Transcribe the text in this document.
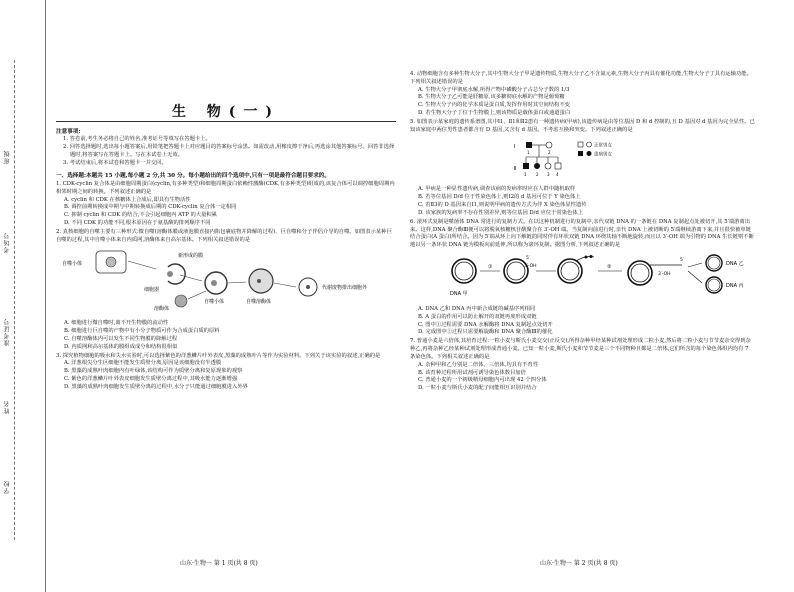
班级
考场号
准考证号
姓名
学校
生 物(一)
注意事项:
1. 答卷前,考生务必将自己的姓名,准考证号等填写在答题卡上。
2. 回答选择题时,选出每小题答案后,用铅笔把答题卡上对应题目的答案标号涂黑。如需改动,用橡皮擦干净后,再选涂其他答案标号。回答非选择题时,将答案写在答题卡上。写在本试卷上无效。
3. 考试结束后,将本试卷和答题卡一并交回。
一、选择题:本题共 15 小题,每小题 2 分,共 30 分。每小题给出的四个选项中,只有一项是最符合题目要求的。
1. CDK-cyclin 复合体是由细胞周期蛋白(cyclin,有多种类型)和细胞周期蛋白依赖性激酶(CDK,有多种类型)组成的,该复合体可以调控细胞周期内相邻时期之间的转换。下列叙述正确的是
A. cyclin 和 CDK 在核糖体上合成后,即具有生物活性
B. 调控前期转换成中期与中期转换成后期的 CDK-cyclin 复合体一定相同
C. 抑制 cyclin 和 CDK 的结合,不会引起细胞内 ATP 的大量积累
D. 不同 CDK 的功能不同,根本原因在于氨基酸的排列顺序不同
2. 真核细胞的自噬主要有三种形式:微自噬(溶酶体膜或液泡膜直接内陷包裹底物并降解的过程)、巨自噬和分子伴侣介导的自噬。如图表示某种巨自噬的过程,其中自噬小体来自内质网,溶酶体来自高尔基体。下列相关叙述错误的是
自噬小体
溶酶体
新形成的膜
细胞器
自噬小体	自噬溶酶体
代谢废物排出细胞外
A. 细胞进行微自噬时,离不开生物膜的流动性
B. 细胞进行巨自噬的产物中有小分子物质可作为合成蛋白质的原料
C. 自噬溶酶体内可以发生不同生物膜的降解过程
D. 内质网和高尔基体的膜组成成分和结构很相似
3. 探究植物细胞的吸水和失水实验时,可以选择紫色的洋葱鳞片叶外表皮,黑藻的成熟叶片等作为实验材料。下列关于该实验的叙述,正确的是
A. 洋葱根尖分生区细胞不能发生质壁分离,原因是该细胞没有半透膜
B. 黑藻的成熟叶肉细胞内有叶绿体,该结构可作为质壁分离和复原现象的观察
C. 紫色的洋葱鳞片叶外表皮细胞发生质壁分离过程中,其吸水能力逐渐增强
D. 黑藻的成熟叶肉细胞发生质壁分离的过程中,水分子只能通过细胞膜进入外界
4. 动物细胞含有多种生物大分子,其中生物大分子甲是遗传物质,生物大分子乙不含氮元素,生物大分子丙具有催化功能,生物大分子丁具有运输功能。下列相关叙述错误的是
A. 生物大分子甲彻底水解,所得产物中磷酸分子占总分子数的 1/3
B. 生物大分子乙可能是肝糖原,该多糖彻底水解的产物是葡萄糖
C. 生物大分子丙的化学本质是蛋白质,发挥作用时其空间结构不变
D. 若生物大分子丁位于生物膜上,则该物质是载体蛋白或通道蛋白
5. 如图表示某家庭的遗传系谱图,其中Ⅰ1、Ⅱ1和Ⅱ2患有一种遗传病(甲病),该遗传病是由等位基因 D 和 d 控制的,且 D 基因对 d 基因为完全显性。已知该家庭中两位男性患者都含有 D 基因,又含有 d 基因。不考虑互换和突变。下列叙述正确的是
Ⅰ
Ⅱ
1	2
1 2 3 4
正常男女
患病男女
A. 甲病是一种显性遗传病,调查该病的发病率时应在人群中随机取样
B. 若等位基因 D/d 位于性染色体上,则Ⅰ2的 d 基因可位于 Y 染色体上
C. 若Ⅱ3的 D 基因来自Ⅰ1,则说明甲病的遗传方式为伴 X 染色体显性遗传
D. 该家族的发病率不存在性别差异,则等位基因 D/d 应位于常染色体上
6. 滚环式复制是噬菌体 DNA 常进行的复制方式。在以这种机制进行的复制中,亲代双链 DNA 的一条链在 DNA 复制起点处被切开,其 5′端游离出来。这样,DNA 聚合酶Ⅲ便可以将脱氧核糖核苷酸聚合在 3′-OH 端。当复制向前进行时,亲代 DNA 上被切断的 5′端继续游离下来,并且很快被单链结合蛋白(A 蛋白)所结合。因为 5′端从环上向下解链的同时伴有环状双链 DNA 环绕其轴不断地旋转,而且以 3′-OH 端为引物的 DNA 生长链则不断地以另一条环状 DNA 链为模板向前延伸,所以称为滚环复制。据图分析,下列叙述正确的是
DNA 甲
①
5′
3′-OH	②
3′-OH
5′
DNA 乙
DNA 丙
A. DNA 乙和 DNA 丙中新合成链的碱基序列相同
B. A 蛋白的作用可以防止解开的双链再度形成双链
C. 图中①过程需要 DNA 水解酶将 DNA 复制起点处切开
D. 完成图中②过程只需要解旋酶和 DNA 聚合酶Ⅲ的催化
7. 普通小麦是六倍体,其培育过程:一粒小麦与斯氏小麦交交(正反交),所得杂种甲经某种试剂处理形成二粒小麦,然后将二粒小麦与节节麦杂交得到杂种乙,再将杂种乙经某种试剂处理形成普通小麦。已知一粒小麦,斯氏小麦和节节麦是三个不同物种且都是二倍体,它们所含的每个染色体组内均有 7 条染色体。下列相关叙述正确的是
A. 杂种甲和乙分别是二倍体、三倍体,均具有不育性
B. 该育种过程所用试剂可诱导染色体数目加倍
C. 普通小麦的一个初级精母细胞内可出现 42 个四分体
D. 一粒小麦与斯氏小麦的配子间能相互识别并结合
山东·生物一 第 1 页(共 8 页)	山东·生物一 第 2 页(共 8 页)
